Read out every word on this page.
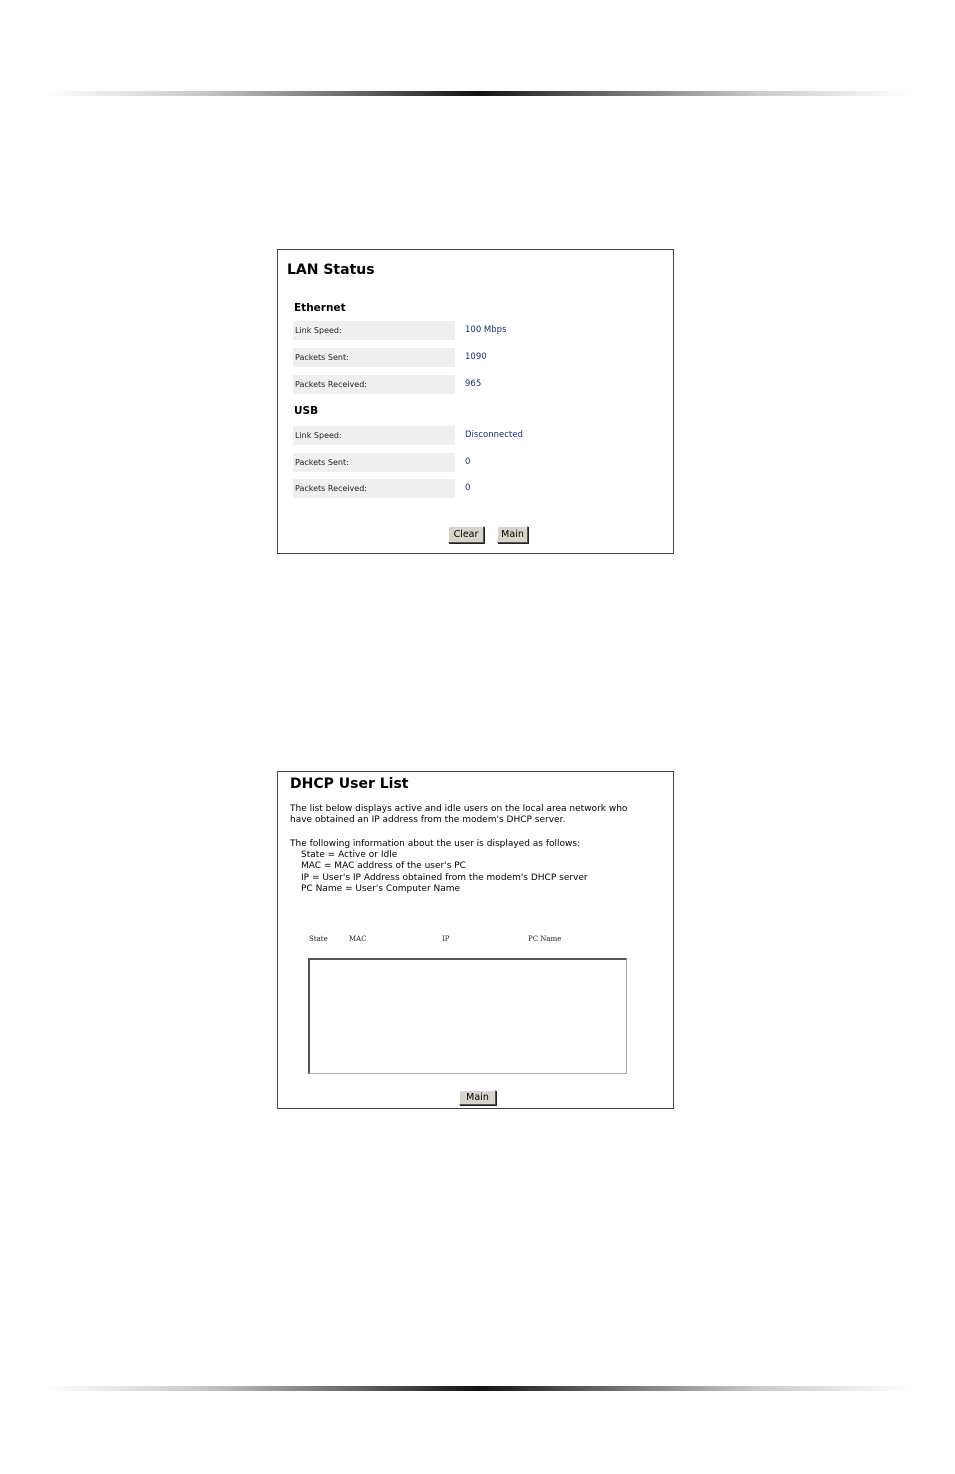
LAN Status
Ethernet
Link Speed:	100 Mbps
Packets Sent:	1090
Packets Received:	965
USB
Link Speed:	Disconnected
Packets Sent:	0
Packets Received:	0
Clear	Main
DHCP User List
The list below displays active and idle users on the local area network who
have obtained an IP address from the modem's DHCP server.
The following information about the user is displayed as follows:
State = Active or Idle
MAC = MAC address of the user's PC
IP = User's IP Address obtained from the modem's DHCP server
PC Name = User's Computer Name
State	MAC	IP	PC Name
Main
